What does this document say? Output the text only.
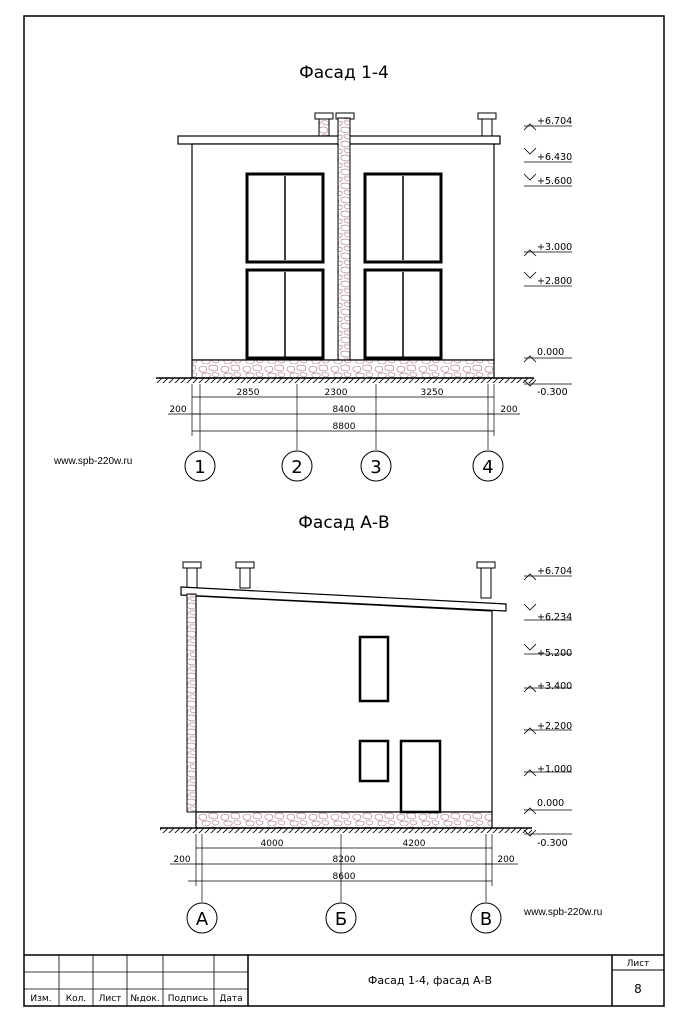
Фасад 1-4
+6.704
+6.430
+5.600
+3.000
+2.800
0.000
-0.300
2850	2300	3250
8400
8800
200	200
1	2	3	4
www.spb-220w.ru
Фасад А-В
+6.704
+6.234
+5.200
+3.400
+2.200
+1.000
0.000
-0.300
4000	4200
8200
8600
200	200
А	Б	В	www.spb-220w.ru
Изм. Кол. Лист №док. Подпись Дата
Фасад 1-4, фасад А-В
Лист
8
